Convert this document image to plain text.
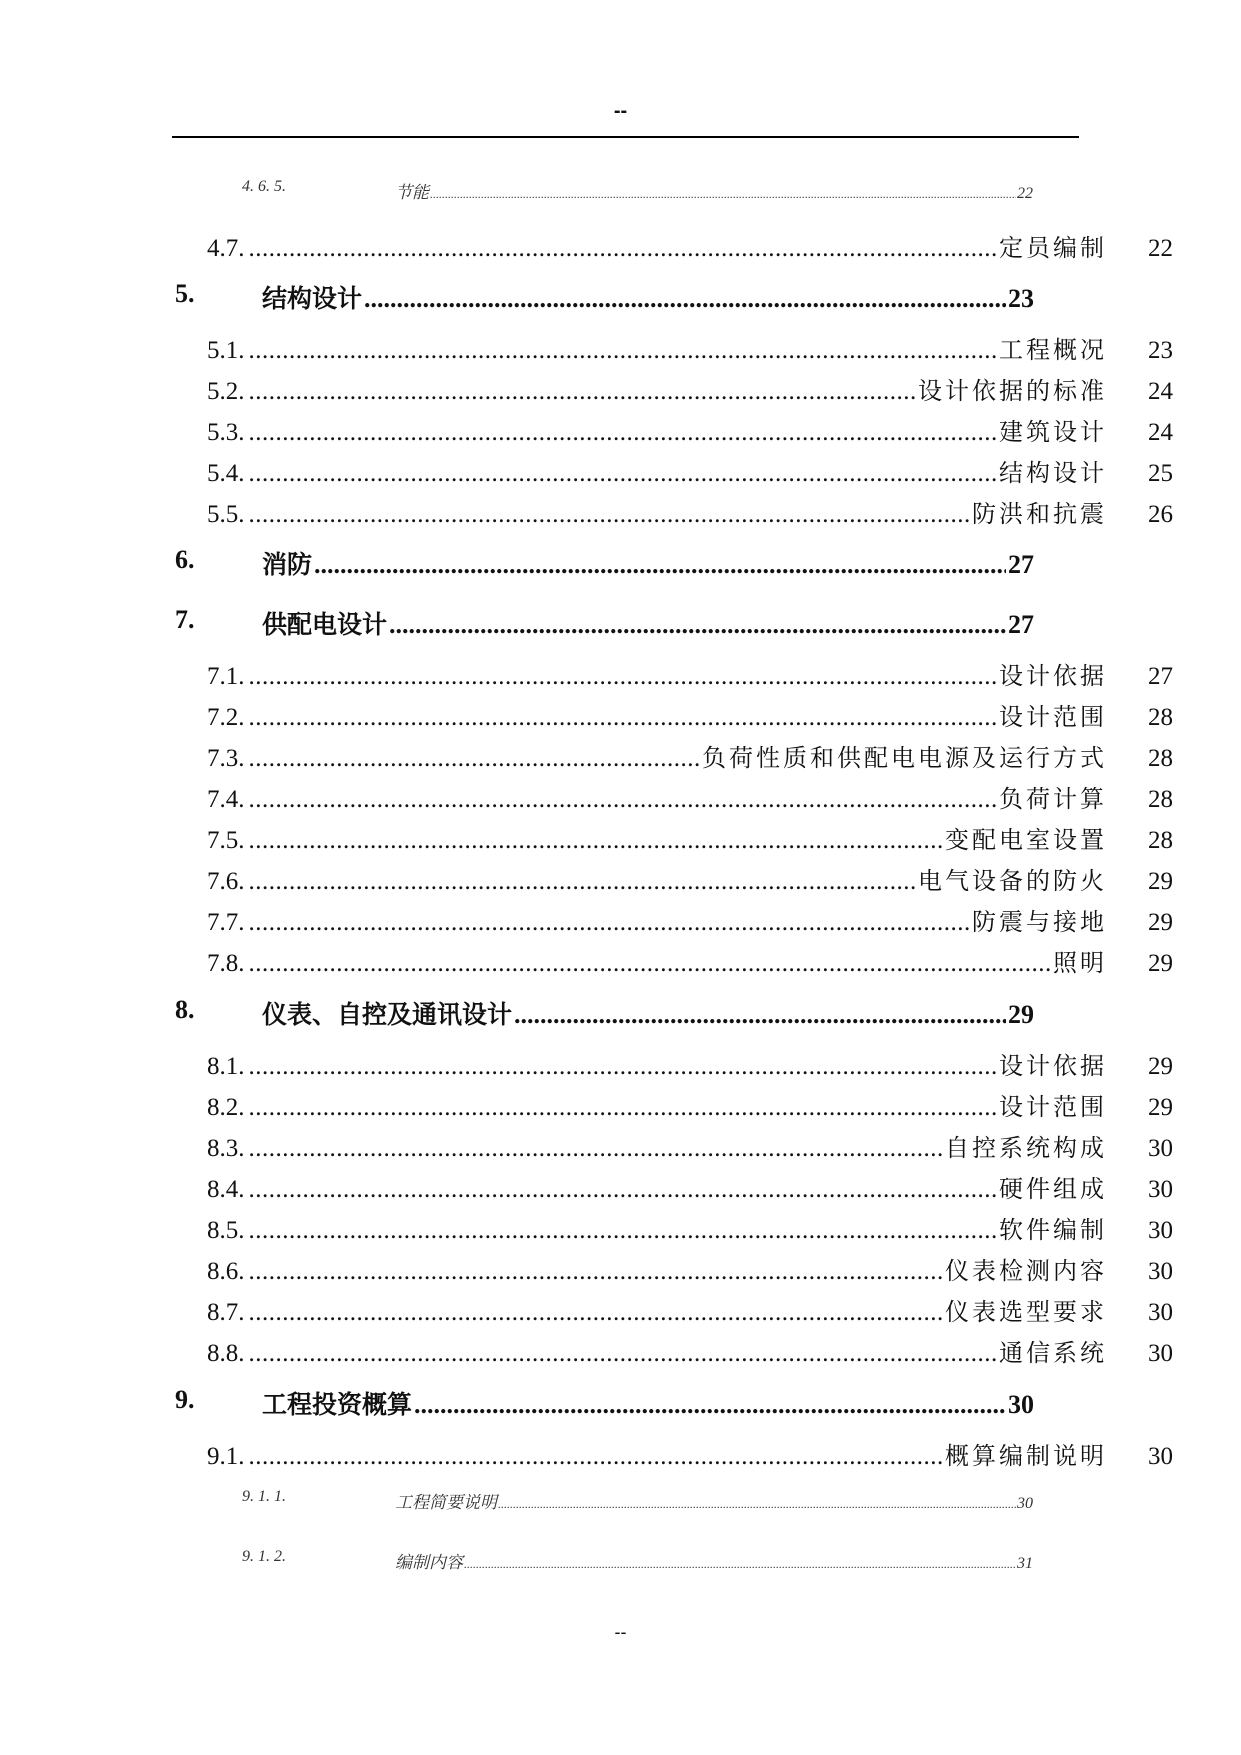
--
4. 6. 5.	节能 .....	22
4.7. .....	定员编制	22
5.	结构设计 .....	23
5.1. .....	工程概况	23
5.2. .....	设计依据的标准	24
5.3. .....	建筑设计	24
5.4. .....	结构设计	25
5.5. .....	防洪和抗震	26
6.	消防 .....	27
7.	供配电设计 .....	27
7.1. .....	设计依据	27
7.2. .....	设计范围	28
7.3. .....	负荷性质和供配电电源及运行方式	28
7.4. .....	负荷计算	28
7.5. .....	变配电室设置	28
7.6. .....	电气设备的防火	29
7.7. .....	防震与接地	29
7.8. .....	照明	29
8.	仪表、自控及通讯设计 .....	29
8.1. .....	设计依据	29
8.2. .....	设计范围	29
8.3. .....	自控系统构成	30
8.4. .....	硬件组成	30
8.5. .....	软件编制	30
8.6. .....	仪表检测内容	30
8.7. .....	仪表选型要求	30
8.8. .....	通信系统	30
9.	工程投资概算 .....	30
9.1. .....	概算编制说明	30
9. 1. 1.	工程简要说明 .....	30
9. 1. 2.	编制内容 .....	31
--
